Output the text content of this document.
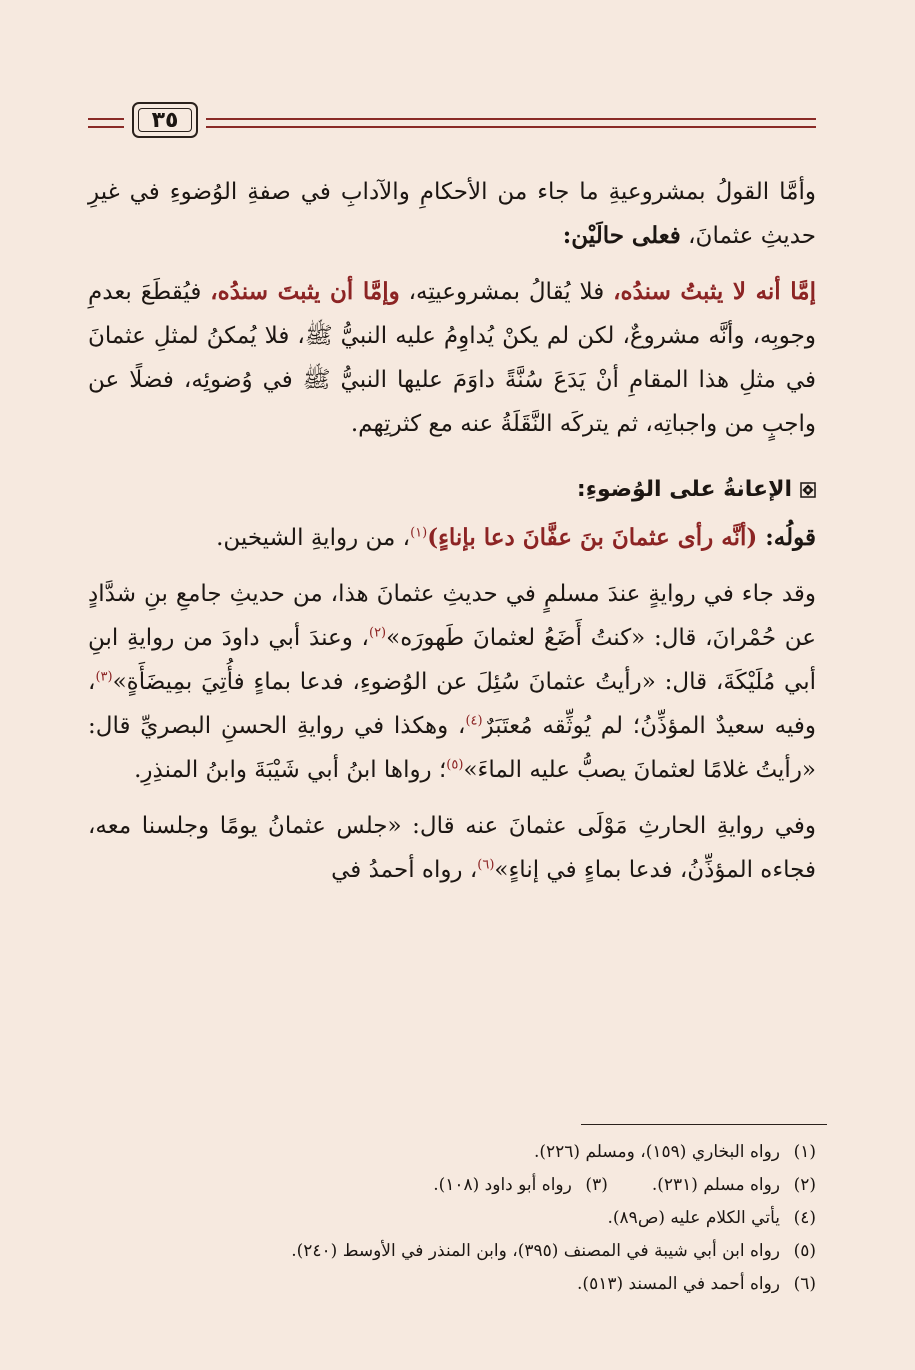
٣٥

وأمَّا القولُ بمشروعيةِ ما جاء من الأحكامِ والآدابِ في صفةِ الوُضوءِ في غيرِ حديثِ عثمانَ، فعلى حالَيْن:

إمَّا أنه لا يثبتُ سندُه، فلا يُقالُ بمشروعيتِه، وإمَّا أن يثبتَ سندُه، فيُقطَعَ بعدمِ وجوبِه، وأنَّه مشروعٌ، لكن لم يكنْ يُداوِمُ عليه النبيُّ ﷺ، فلا يُمكنُ لمثلِ عثمانَ في مثلِ هذا المقامِ أنْ يَدَعَ سُنَّةً داوَمَ عليها النبيُّ ﷺ في وُضوئِه، فضلًا عن واجبٍ من واجباتِه، ثم يتركَه النَّقَلَةُ عنه مع كثرتِهم.

الإعانةُ على الوُضوءِ:

قولُه: (أنَّه رأى عثمانَ بنَ عفَّانَ دعا بإناءٍ)$^{(١)}$، من روايةِ الشيخين.

وقد جاء في روايةٍ عندَ مسلمٍ في حديثِ عثمانَ هذا، من حديثِ جامعِ بنِ شدَّادٍ عن حُمْرانَ، قال: «كنتُ أَضَعُ لعثمانَ طَهورَه»$^{(٢)}$، وعندَ أبي داودَ من روايةِ ابنِ أبي مُلَيْكَةَ، قال: «رأيتُ عثمانَ سُئِلَ عن الوُضوءِ، فدعا بماءٍ فأُتِيَ بمِيضَأَةٍ»$^{(٣)}$، وفيه سعيدٌ المؤذِّنُ؛ لم يُوثِّقه مُعتَبَرٌ$^{(٤)}$، وهكذا في روايةِ الحسنِ البصريِّ قال: «رأيتُ غلامًا لعثمانَ يصبُّ عليه الماءَ»$^{(٥)}$؛ رواها ابنُ أبي شَيْبَةَ وابنُ المنذِرِ.

وفي روايةِ الحارثِ مَوْلَى عثمانَ عنه قال: «جلس عثمانُ يومًا وجلسنا معه، فجاءه المؤذِّنُ، فدعا بماءٍ في إناءٍ»$^{(٦)}$، رواه أحمدُ في

(١)رواه البخاري (١٥٩)، ومسلم (٢٢٦).

(٢)رواه مسلم (٢٣١).(٣)رواه أبو داود (١٠٨).

(٤)يأتي الكلام عليه (ص٨٩).

(٥)رواه ابن أبي شيبة في المصنف (٣٩٥)، وابن المنذر في الأوسط (٢٤٠).

(٦)رواه أحمد في المسند (٥١٣).
